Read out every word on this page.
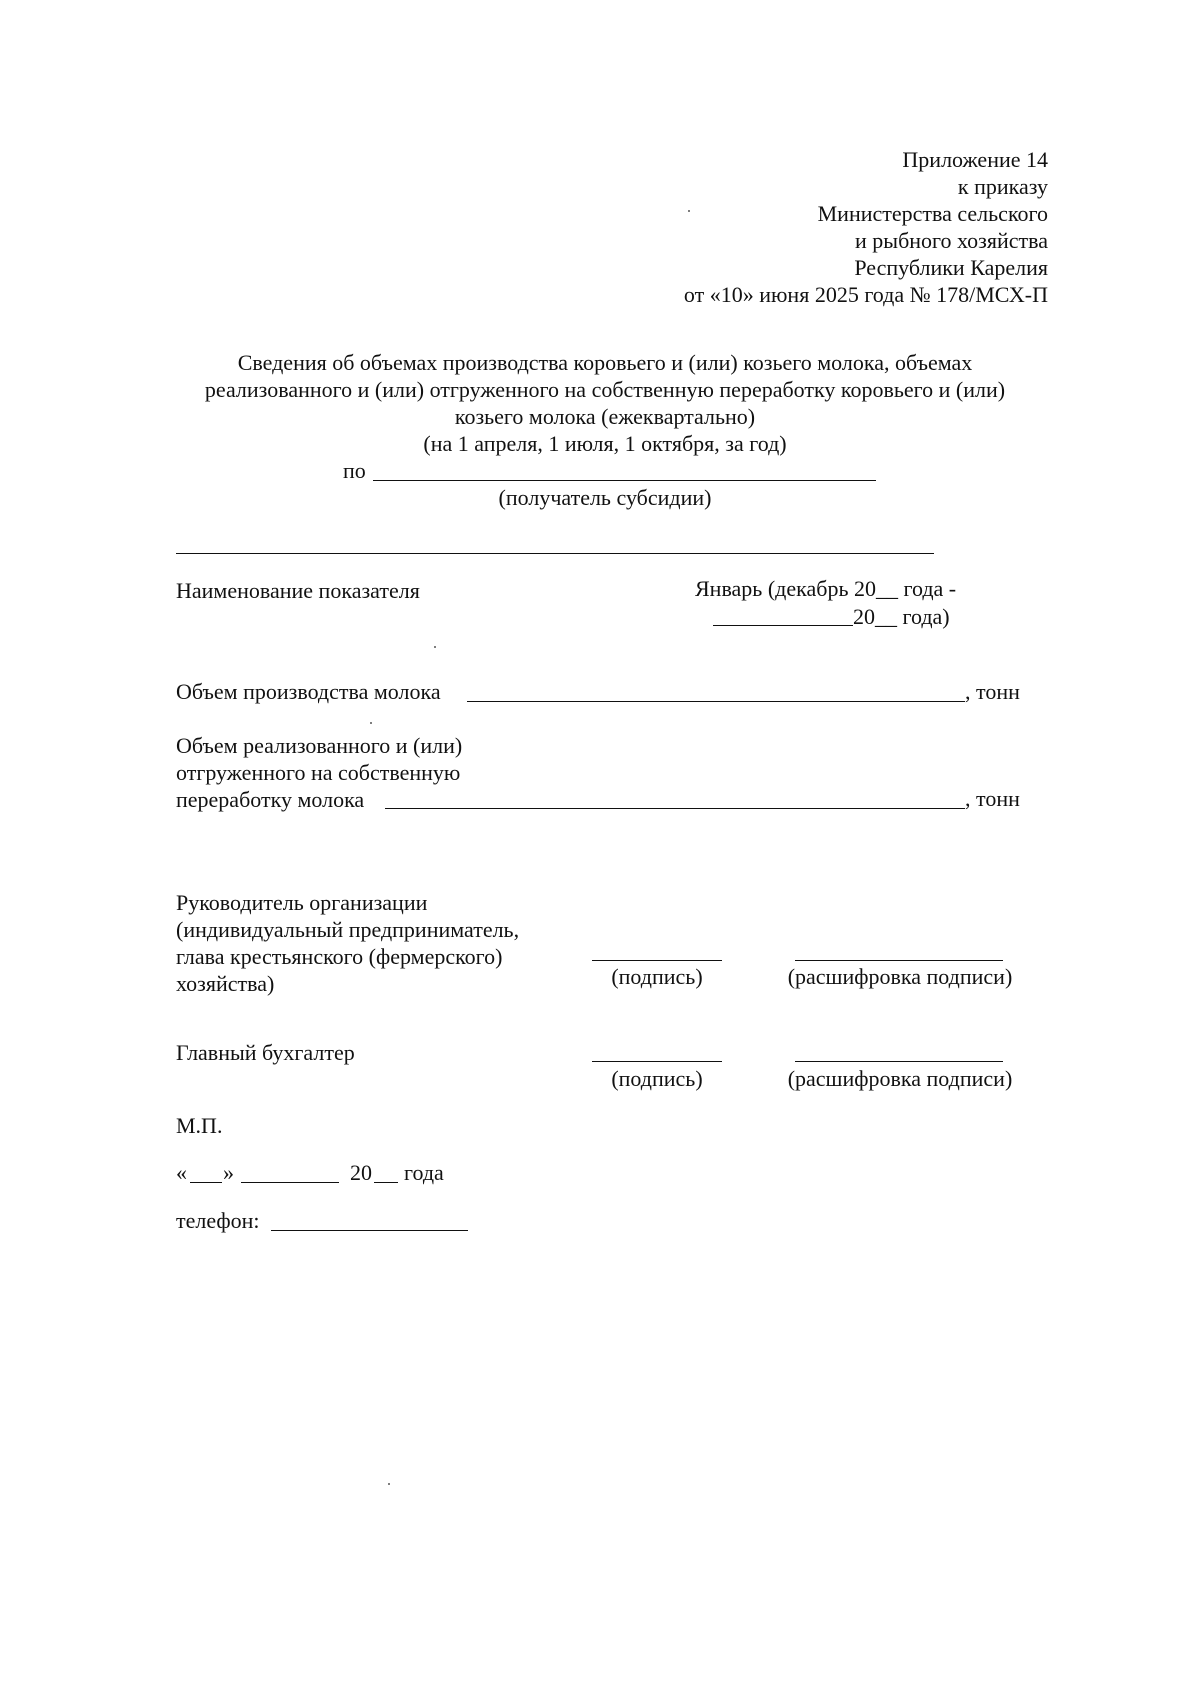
Приложение 14
к приказу
Министерства сельского
и рыбного хозяйства
Республики Карелия
от «10» июня 2025 года № 178/МСХ-П
Сведения об объемах производства коровьего и (или) козьего молока, объемах
реализованного и (или) отгруженного на собственную переработку коровьего и (или)
козьего молока (ежеквартально)
(на 1 апреля, 1 июля, 1 октября, за год)
по
(получатель субсидии)
Наименование показателя	Январь (декабрь 20__ года -
20__ года)
Объем производства молока	, тонн
Объем реализованного и (или)
отгруженного на собственную
переработку молока	, тонн
Руководитель организации
(индивидуальный предприниматель,
глава крестьянского (фермерского)
хозяйства)	(подпись)	(расшифровка подписи)
Главный бухгалтер
(подпись)	(расшифровка подписи)
М.П.
« »	20 года
телефон:
